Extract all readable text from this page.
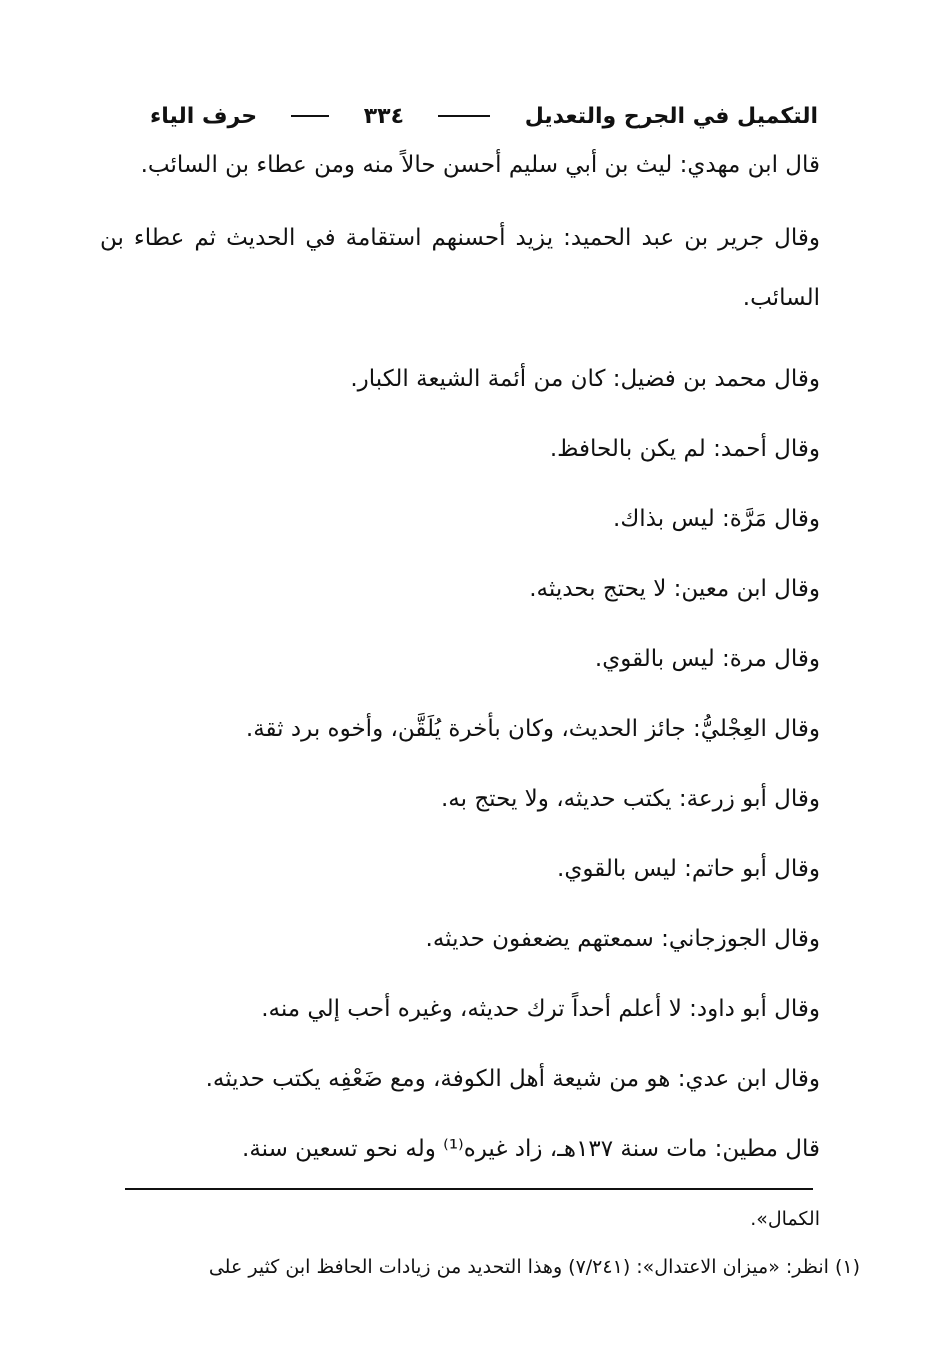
التكميل في الجرح والتعديل
٣٣٤
حرف الياء

قال ابن مهدي: ليث بن أبي سليم أحسن حالاً منه ومن عطاء بن السائب.

وقال جرير بن عبد الحميد: يزيد أحسنهم استقامة في الحديث ثم عطاء بن السائب.

وقال محمد بن فضيل: كان من أئمة الشيعة الكبار.

وقال أحمد: لم يكن بالحافظ.

وقال مَرَّة: ليس بذاك.

وقال ابن معين: لا يحتج بحديثه.

وقال مرة: ليس بالقوي.

وقال العِجْليُّ: جائز الحديث، وكان بأخرة يُلَقَّن، وأخوه برد ثقة.

وقال أبو زرعة: يكتب حديثه، ولا يحتج به.

وقال أبو حاتم: ليس بالقوي.

وقال الجوزجاني: سمعتهم يضعفون حديثه.

وقال أبو داود: لا أعلم أحداً ترك حديثه، وغيره أحب إلي منه.

وقال ابن عدي: هو من شيعة أهل الكوفة، ومع ضَعْفِه يكتب حديثه.

قال مطين: مات سنة ١٣٧هـ، زاد غيره⁽¹⁾ وله نحو تسعين سنة.

الكمال».

(١) انظر: «ميزان الاعتدال»: (٧/٢٤١) وهذا التحديد من زيادات الحافظ ابن كثير على
